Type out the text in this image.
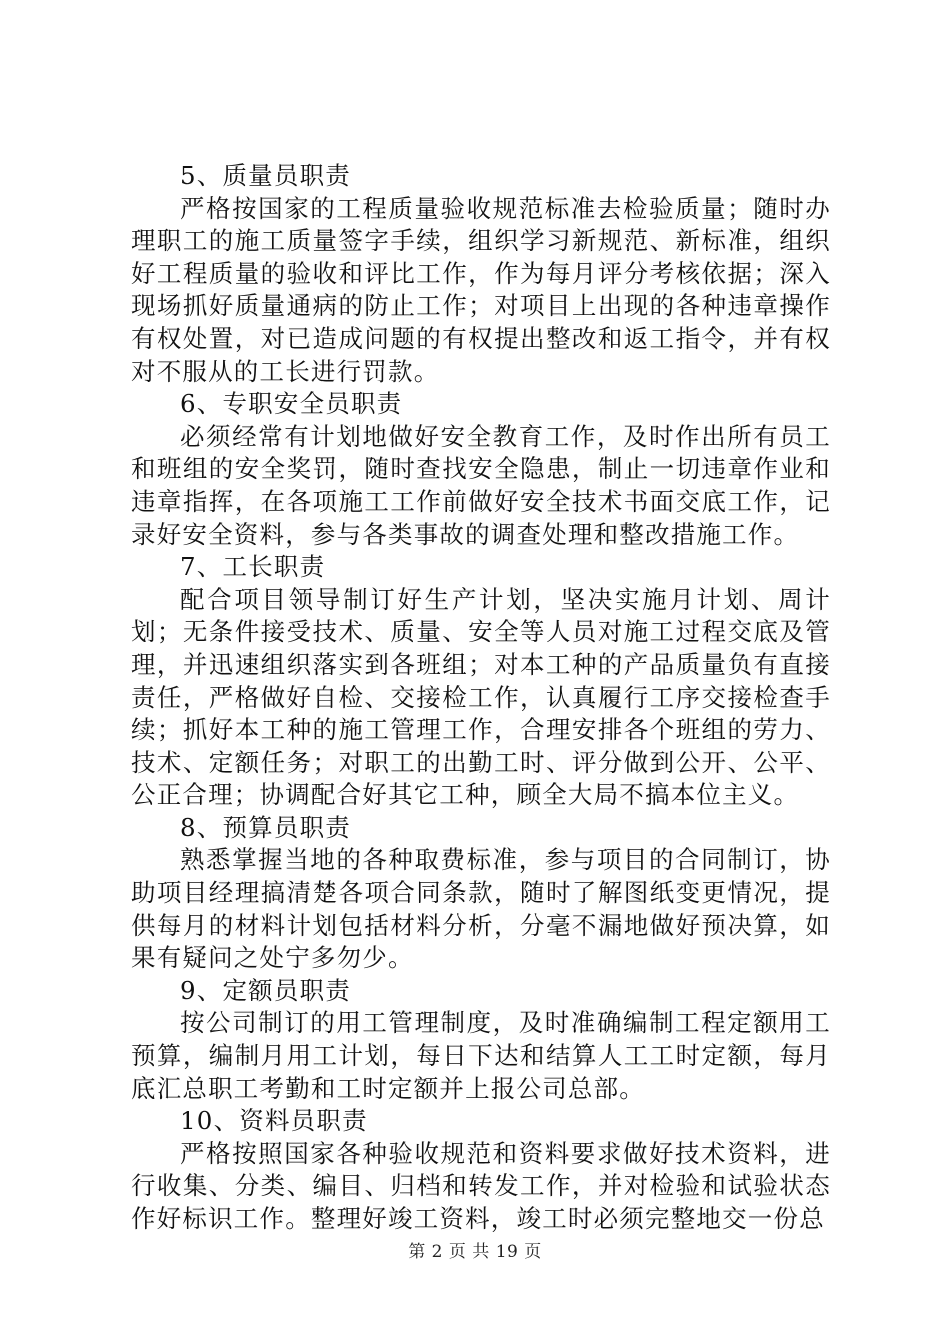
5、质量员职责

严格按国家的工程质量验收规范标准去检验质量；随时办理职工的施工质量签字手续，组织学习新规范、新标准，组织好工程质量的验收和评比工作，作为每月评分考核依据；深入现场抓好质量通病的防止工作；对项目上出现的各种违章操作有权处置，对已造成问题的有权提出整改和返工指令，并有权对不服从的工长进行罚款。

6、专职安全员职责

必须经常有计划地做好安全教育工作，及时作出所有员工和班组的安全奖罚，随时查找安全隐患，制止一切违章作业和违章指挥，在各项施工工作前做好安全技术书面交底工作，记录好安全资料，参与各类事故的调查处理和整改措施工作。

7、工长职责

配合项目领导制订好生产计划，坚决实施月计划、周计划；无条件接受技术、质量、安全等人员对施工过程交底及管理，并迅速组织落实到各班组；对本工种的产品质量负有直接责任，严格做好自检、交接检工作，认真履行工序交接检查手续；抓好本工种的施工管理工作，合理安排各个班组的劳力、技术、定额任务；对职工的出勤工时、评分做到公开、公平、公正合理；协调配合好其它工种，顾全大局不搞本位主义。

8、预算员职责

熟悉掌握当地的各种取费标准，参与项目的合同制订，协助项目经理搞清楚各项合同条款，随时了解图纸变更情况，提供每月的材料计划包括材料分析，分毫不漏地做好预决算，如果有疑问之处宁多勿少。

9、定额员职责

按公司制订的用工管理制度，及时准确编制工程定额用工预算，编制月用工计划，每日下达和结算人工工时定额，每月底汇总职工考勤和工时定额并上报公司总部。

10、资料员职责

严格按照国家各种验收规范和资料要求做好技术资料，进行收集、分类、编目、归档和转发工作，并对检验和试验状态作好标识工作。整理好竣工资料，竣工时必须完整地交一份总

第 2 页 共 19 页
